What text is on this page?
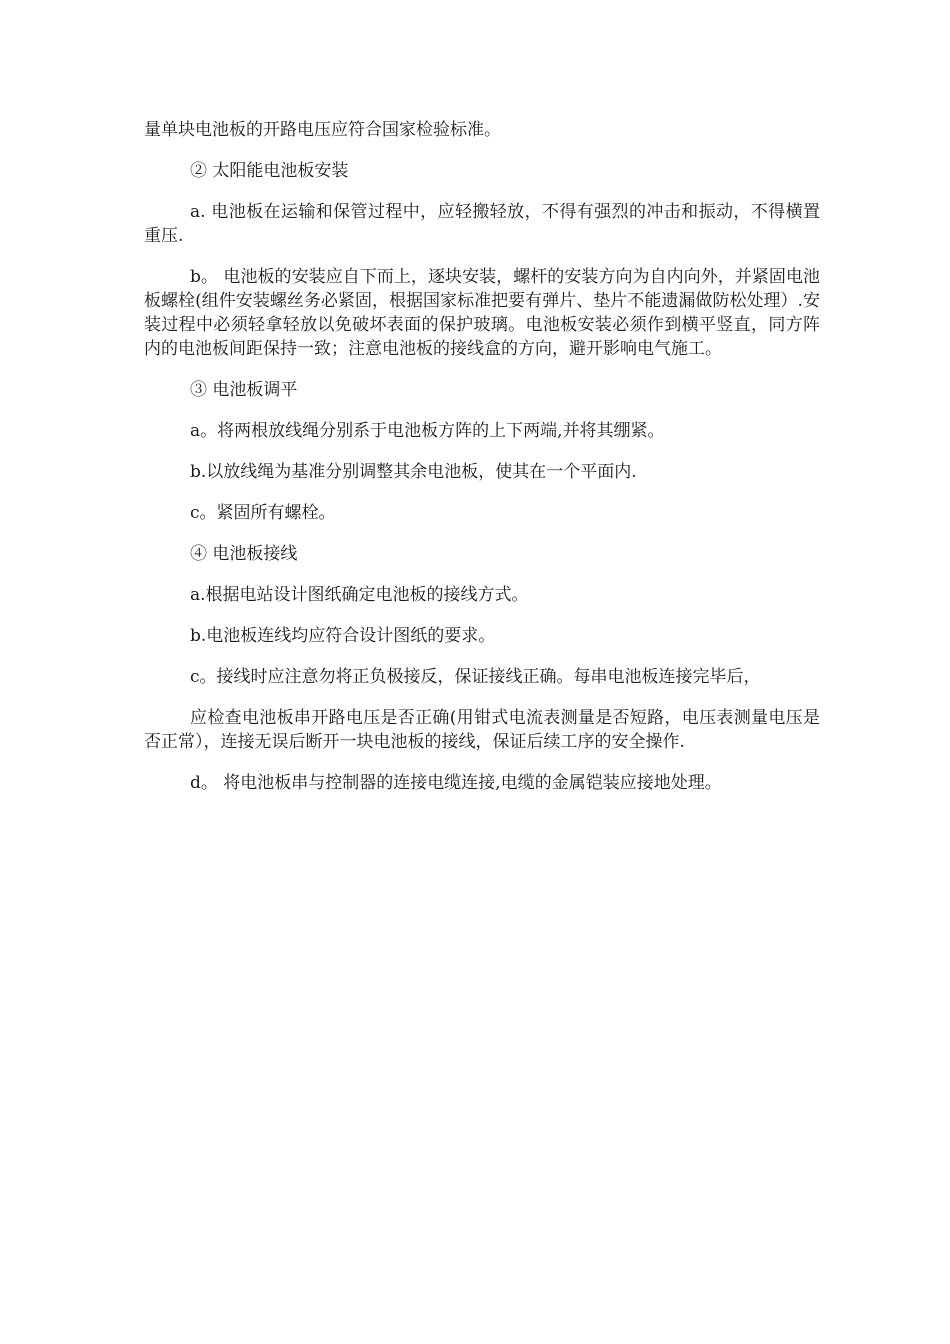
量单块电池板的开路电压应符合国家检验标准。

② 太阳能电池板安装

a. 电池板在运输和保管过程中，应轻搬轻放，不得有强烈的冲击和振动，不得横置重压.

b。 电池板的安装应自下而上，逐块安装，螺杆的安装方向为自内向外，并紧固电池板螺栓(组件安装螺丝务必紧固，根据国家标准把要有弹片、垫片不能遗漏做防松处理）.安装过程中必须轻拿轻放以免破坏表面的保护玻璃。电池板安装必须作到横平竖直，同方阵内的电池板间距保持一致；注意电池板的接线盒的方向，避开影响电气施工。

③ 电池板调平

a。将两根放线绳分别系于电池板方阵的上下两端,并将其绷紧。

b.以放线绳为基准分别调整其余电池板，使其在一个平面内.

c。紧固所有螺栓。

④ 电池板接线

a.根据电站设计图纸确定电池板的接线方式。

b.电池板连线均应符合设计图纸的要求。

c。接线时应注意勿将正负极接反，保证接线正确。每串电池板连接完毕后，

应检查电池板串开路电压是否正确(用钳式电流表测量是否短路，电压表测量电压是否正常），连接无误后断开一块电池板的接线，保证后续工序的安全操作.

d。 将电池板串与控制器的连接电缆连接,电缆的金属铠装应接地处理。
